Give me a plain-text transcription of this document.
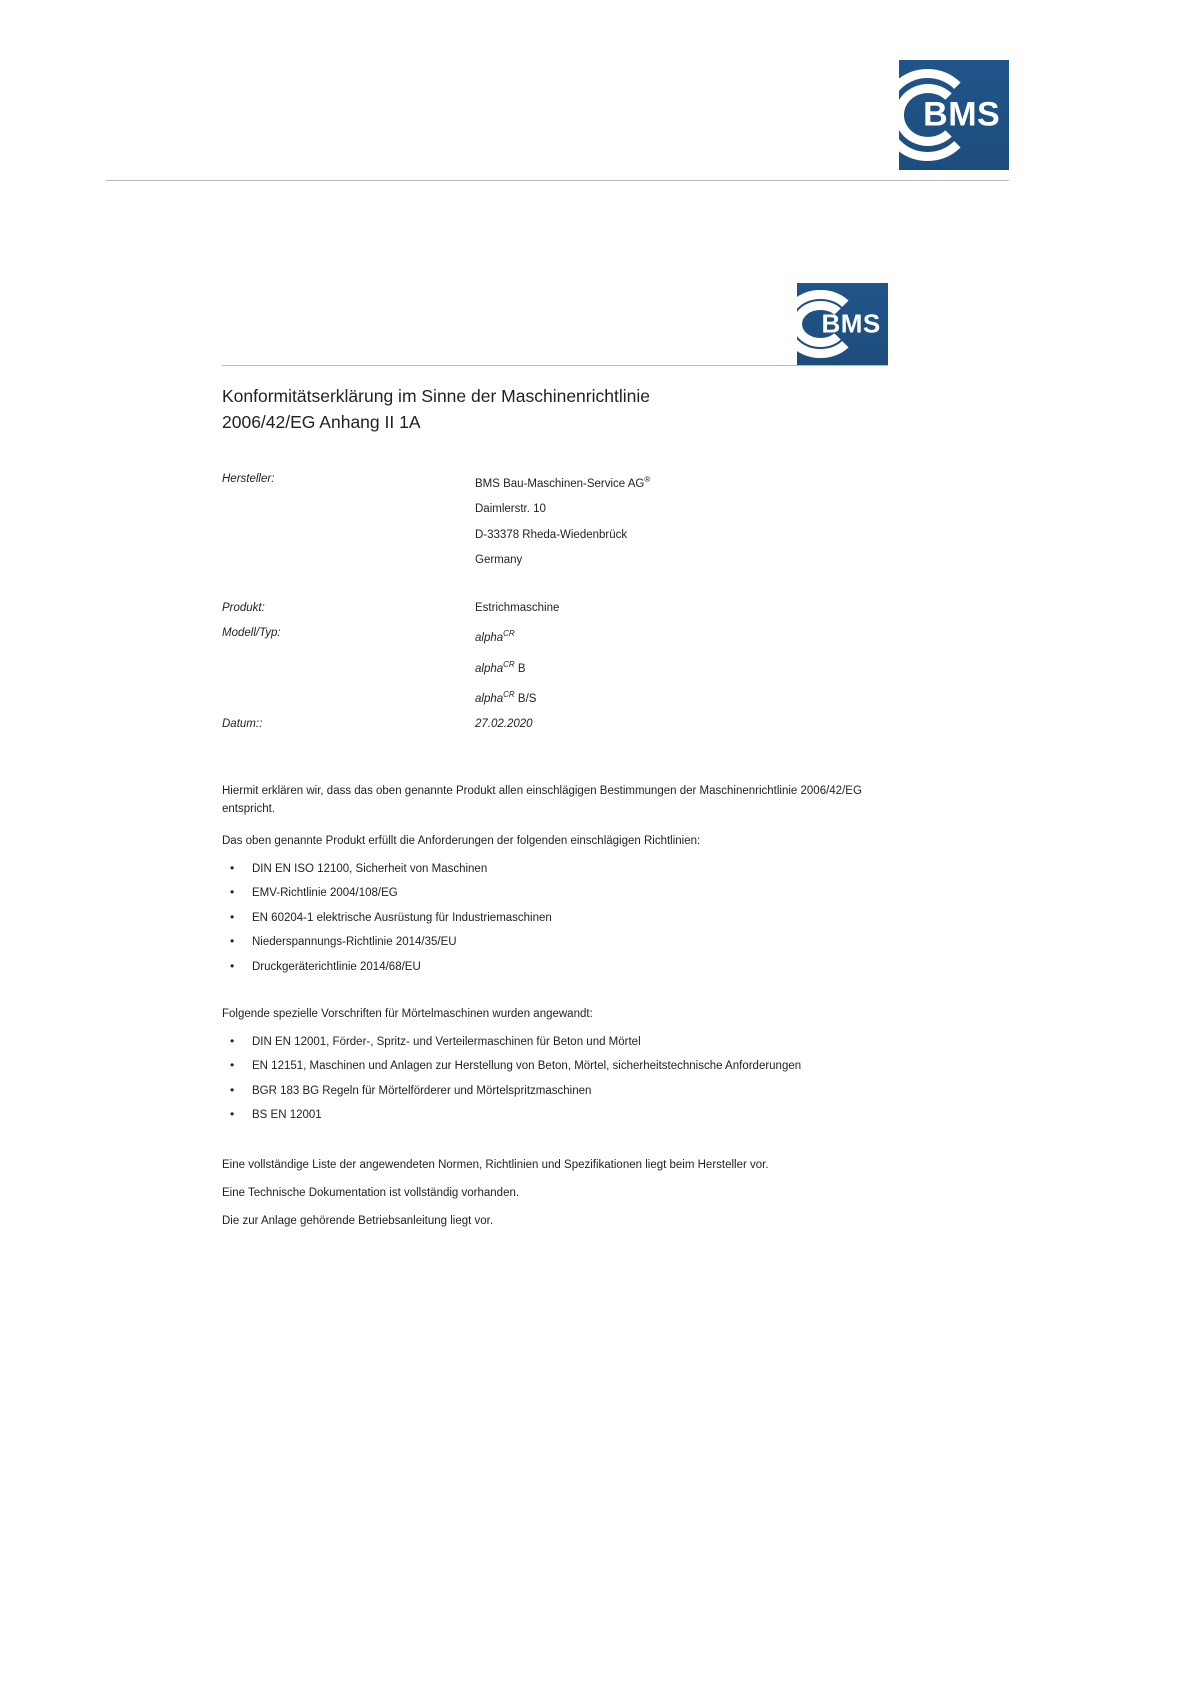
BMS
BMS
Konformitätserklärung im Sinne der Maschinenrichtlinie
2006/42/EG Anhang II 1A
Hersteller:	BMS Bau-Maschinen-Service AG®
Daimlerstr. 10
D-33378 Rheda-Wiedenbrück
Germany
Produkt:	Estrichmaschine
Modell/Typ:	alpha$^{CR}$
alpha$^{CR}$ B
alpha$^{CR}$ B/S
Datum::	27.02.2020
Hiermit erklären wir, dass das oben genannte Produkt allen einschlägigen Bestimmungen der Maschinenrichtlinie 2006/42/EG entspricht.
Das oben genannte Produkt erfüllt die Anforderungen der folgenden einschlägigen Richtlinien:
• DIN EN ISO 12100, Sicherheit von Maschinen
• EMV-Richtlinie 2004/108/EG
• EN 60204-1 elektrische Ausrüstung für Industriemaschinen
• Niederspannungs-Richtlinie 2014/35/EU
• Druckgeräterichtlinie 2014/68/EU
Folgende spezielle Vorschriften für Mörtelmaschinen wurden angewandt:
• DIN EN 12001, Förder-, Spritz- und Verteilermaschinen für Beton und Mörtel
• EN 12151, Maschinen und Anlagen zur Herstellung von Beton, Mörtel, sicherheitstechnische Anforderungen
• BGR 183 BG Regeln für Mörtelförderer und Mörtelspritzmaschinen
• BS EN 12001

Eine vollständige Liste der angewendeten Normen, Richtlinien und Spezifikationen liegt beim Hersteller vor.

Eine Technische Dokumentation ist vollständig vorhanden.

Die zur Anlage gehörende Betriebsanleitung liegt vor.
